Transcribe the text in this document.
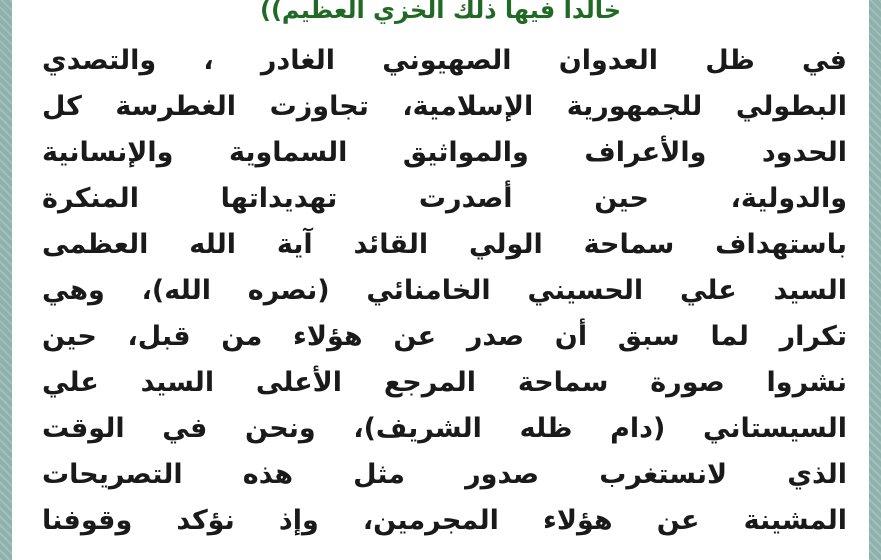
خالدا فيها ذلك الخزي العظيم))
في ظل العدوان الصهيوني الغادر ، والتصدي
البطولي للجمهورية الإسلامية، تجاوزت الغطرسة كل
الحدود والأعراف والمواثيق السماوية والإنسانية
والدولية، حين أصدرت تهديداتها المنكرة
باستهداف سماحة الولي القائد آية الله العظمى
السيد علي الحسيني الخامنائي (نصره الله)، وهي
تكرار لما سبق أن صدر عن هؤلاء من قبل، حين
نشروا صورة سماحة المرجع الأعلى السيد علي
السيستاني (دام ظله الشريف)، ونحن في الوقت
الذي لانستغرب صدور مثل هذه التصريحات
المشينة عن هؤلاء المجرمين، وإذ نؤكد وقوفنا
